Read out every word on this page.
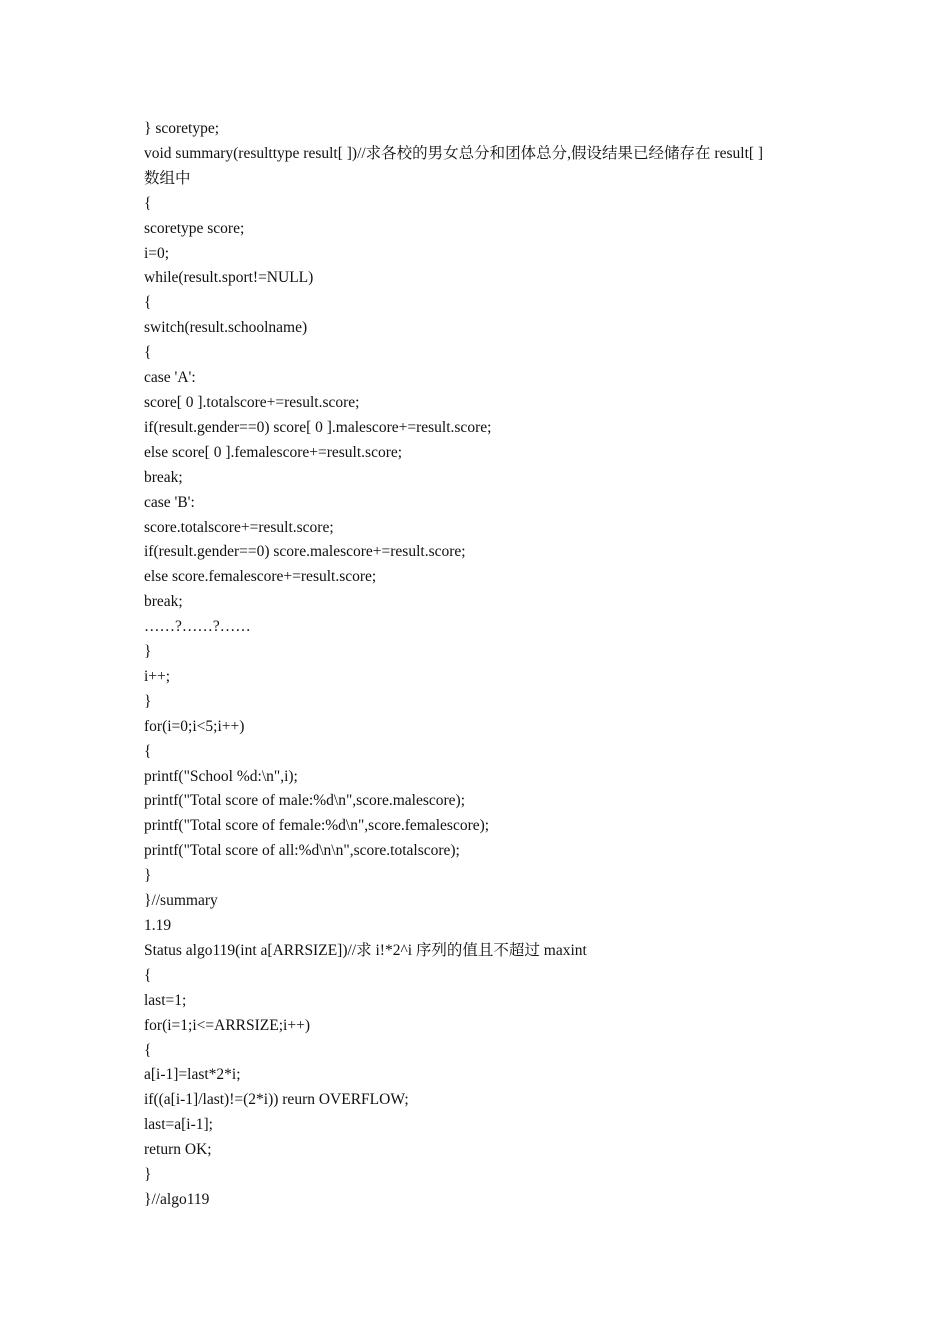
} scoretype;
void summary(resulttype result[ ])//求各校的男女总分和团体总分,假设结果已经储存在 result[ ]
数组中
{
scoretype score;
i=0;
while(result.sport!=NULL)
{
switch(result.schoolname)
{
case 'A':
score[ 0 ].totalscore+=result.score;
if(result.gender==0) score[ 0 ].malescore+=result.score;
else score[ 0 ].femalescore+=result.score;
break;
case 'B':
score.totalscore+=result.score;
if(result.gender==0) score.malescore+=result.score;
else score.femalescore+=result.score;
break;
……?……?……
}
i++;
}
for(i=0;i<5;i++)
{
printf("School %d:\n",i);
printf("Total score of male:%d\n",score.malescore);
printf("Total score of female:%d\n",score.femalescore);
printf("Total score of all:%d\n\n",score.totalscore);
}
}//summary
1.19
Status algo119(int a[ARRSIZE])//求 i!*2^i 序列的值且不超过 maxint
{
last=1;
for(i=1;i<=ARRSIZE;i++)
{
a[i-1]=last*2*i;
if((a[i-1]/last)!=(2*i)) reurn OVERFLOW;
last=a[i-1];
return OK;
}
}//algo119
